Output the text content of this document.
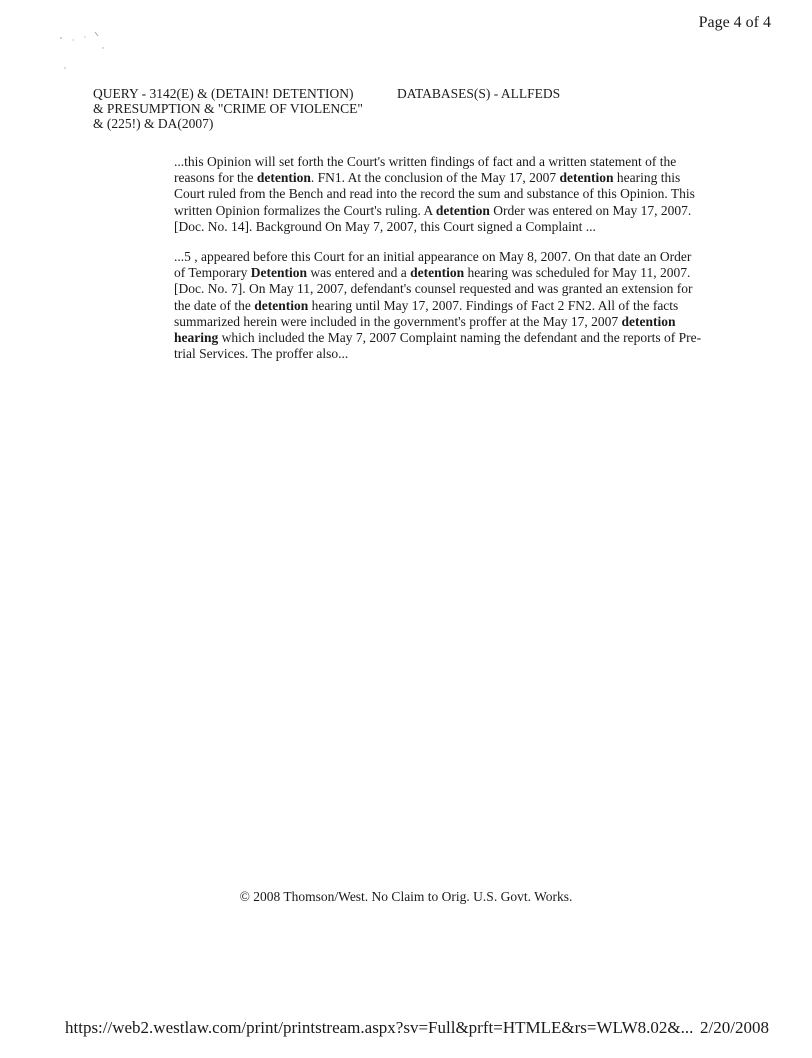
Page 4 of 4
QUERY - 3142(E) & (DETAIN! DETENTION)
& PRESUMPTION & "CRIME OF VIOLENCE"
& (225!) & DA(2007)
DATABASES(S) - ALLFEDS
...this Opinion will set forth the Court's written findings of fact and a written statement of the
reasons for the detention. FN1. At the conclusion of the May 17, 2007 detention hearing this
Court ruled from the Bench and read into the record the sum and substance of this Opinion. This
written Opinion formalizes the Court's ruling. A detention Order was entered on May 17, 2007.
[Doc. No. 14]. Background On May 7, 2007, this Court signed a Complaint ...

...5 , appeared before this Court for an initial appearance on May 8, 2007. On that date an Order
of Temporary Detention was entered and a detention hearing was scheduled for May 11, 2007.
[Doc. No. 7]. On May 11, 2007, defendant's counsel requested and was granted an extension for
the date of the detention hearing until May 17, 2007. Findings of Fact 2 FN2. All of the facts
summarized herein were included in the government's proffer at the May 17, 2007 detention
hearing which included the May 7, 2007 Complaint naming the defendant and the reports of Pre-
trial Services. The proffer also...

© 2008 Thomson/West. No Claim to Orig. U.S. Govt. Works.
https://web2.westlaw.com/print/printstream.aspx?sv=Full&prft=HTMLE&rs=WLW8.02&... 2/20/2008
